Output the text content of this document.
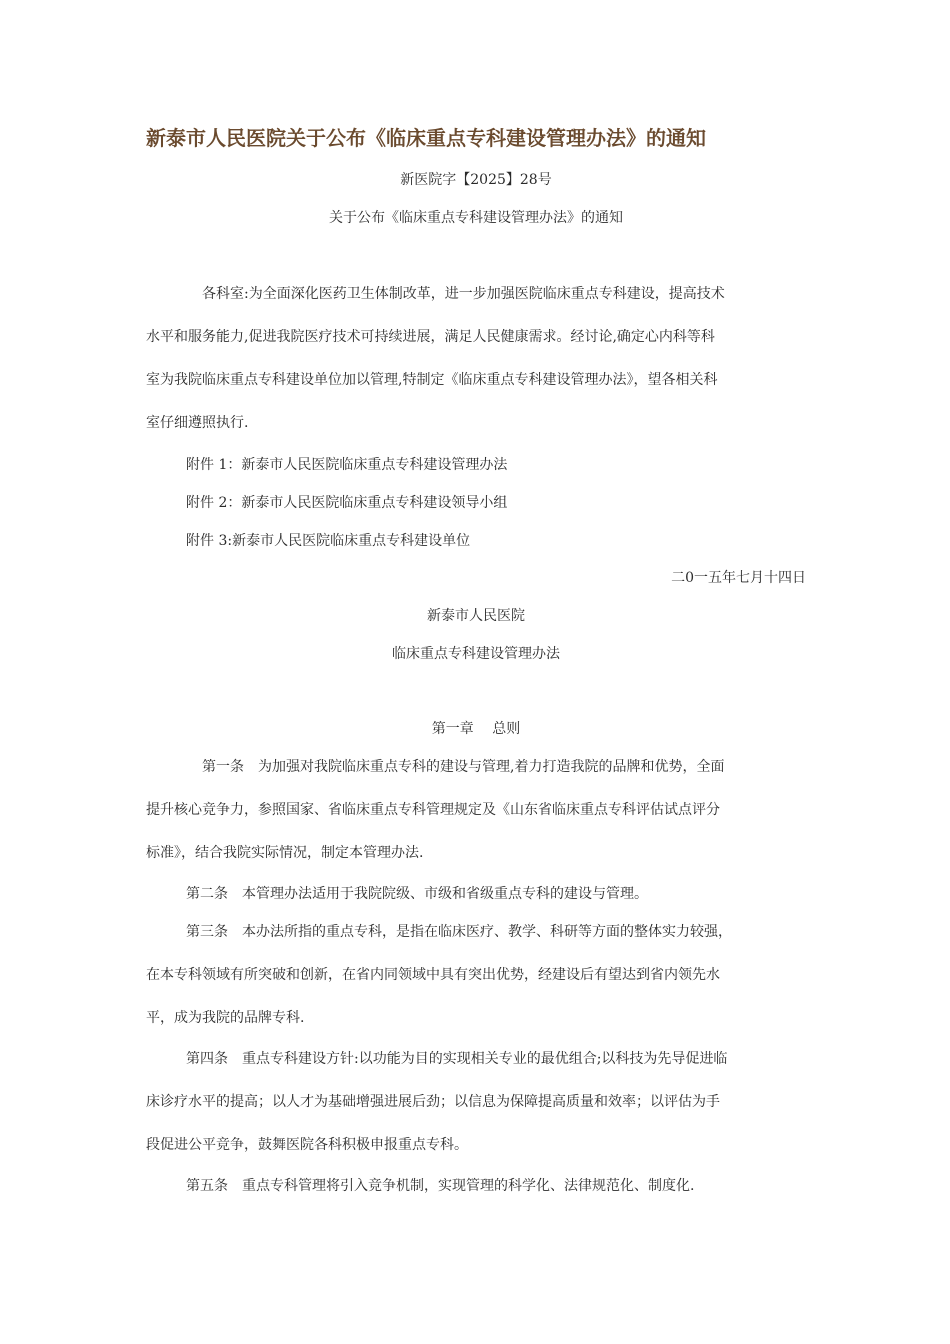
新泰市人民医院关于公布《临床重点专科建设管理办法》的通知
新医院字【2025】28号
关于公布《临床重点专科建设管理办法》的通知
各科室:为全面深化医药卫生体制改革，进一步加强医院临床重点专科建设，提高技术
水平和服务能力,促进我院医疗技术可持续进展，满足人民健康需求。经讨论,确定心内科等科
室为我院临床重点专科建设单位加以管理,特制定《临床重点专科建设管理办法》，望各相关科
室仔细遵照执行.
附件 1：新泰市人民医院临床重点专科建设管理办法
附件 2：新泰市人民医院临床重点专科建设领导小组
附件 3:新泰市人民医院临床重点专科建设单位
二0一五年七月十四日
新泰市人民医院
临床重点专科建设管理办法
第一章　 总则
第一条　为加强对我院临床重点专科的建设与管理,着力打造我院的品牌和优势，全面
提升核心竞争力，参照国家、省临床重点专科管理规定及《山东省临床重点专科评估试点评分
标准》，结合我院实际情况，制定本管理办法.
第二条　本管理办法适用于我院院级、市级和省级重点专科的建设与管理。
第三条　本办法所指的重点专科，是指在临床医疗、教学、科研等方面的整体实力较强，
在本专科领域有所突破和创新，在省内同领域中具有突出优势，经建设后有望达到省内领先水
平，成为我院的品牌专科.
第四条　重点专科建设方针:以功能为目的实现相关专业的最优组合;以科技为先导促进临
床诊疗水平的提高；以人才为基础增强进展后劲；以信息为保障提高质量和效率；以评估为手
段促进公平竞争，鼓舞医院各科积极申报重点专科。
第五条　重点专科管理将引入竞争机制，实现管理的科学化、法律规范化、制度化.
